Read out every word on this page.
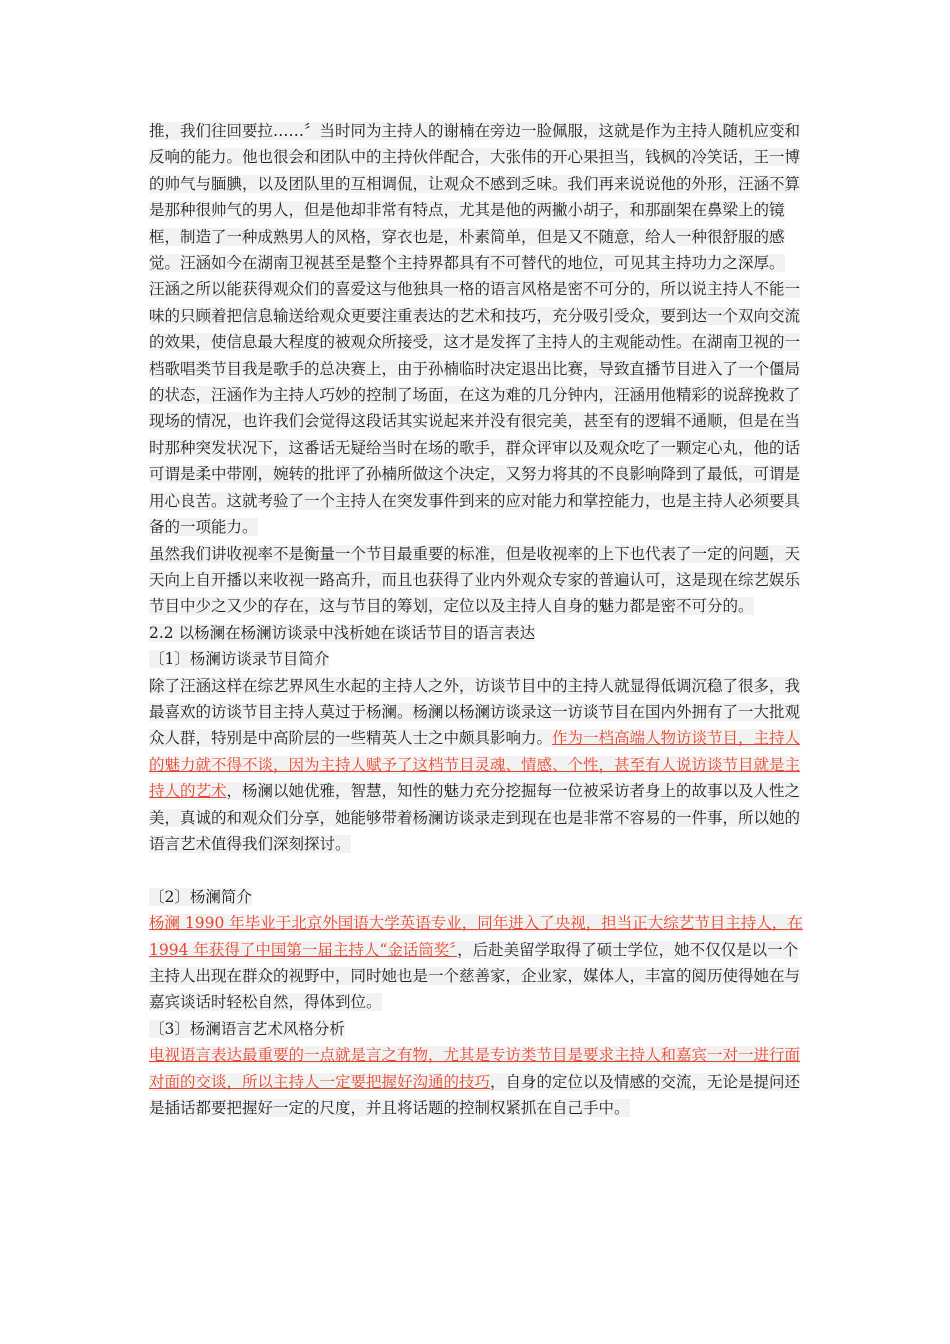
推，我们往回要拉……〞当时同为主持人的谢楠在旁边一脸佩服，这就是作为主持人随机应变和反响的能力。他也很会和团队中的主持伙伴配合，大张伟的开心果担当，钱枫的冷笑话，王一博的帅气与腼腆，以及团队里的互相调侃，让观众不感到乏味。我们再来说说他的外形，汪涵不算是那种很帅气的男人，但是他却非常有特点，尤其是他的两撇小胡子，和那副架在鼻梁上的镜框，制造了一种成熟男人的风格，穿衣也是，朴素简单，但是又不随意，给人一种很舒服的感觉。汪涵如今在湖南卫视甚至是整个主持界都具有不可替代的地位，可见其主持功力之深厚。

汪涵之所以能获得观众们的喜爱这与他独具一格的语言风格是密不可分的，所以说主持人不能一味的只顾着把信息输送给观众更要注重表达的艺术和技巧，充分吸引受众，要到达一个双向交流的效果，使信息最大程度的被观众所接受，这才是发挥了主持人的主观能动性。在湖南卫视的一档歌唱类节目我是歌手的总决赛上，由于孙楠临时决定退出比赛，导致直播节目进入了一个僵局的状态，汪涵作为主持人巧妙的控制了场面，在这为难的几分钟内，汪涵用他精彩的说辞挽救了现场的情况，也许我们会觉得这段话其实说起来并没有很完美，甚至有的逻辑不通顺，但是在当时那种突发状况下，这番话无疑给当时在场的歌手，群众评审以及观众吃了一颗定心丸，他的话可谓是柔中带刚，婉转的批评了孙楠所做这个决定，又努力将其的不良影响降到了最低，可谓是用心良苦。这就考验了一个主持人在突发事件到来的应对能力和掌控能力，也是主持人必须要具备的一项能力。

虽然我们讲收视率不是衡量一个节目最重要的标准，但是收视率的上下也代表了一定的问题，天天向上自开播以来收视一路高升，而且也获得了业内外观众专家的普遍认可，这是现在综艺娱乐节目中少之又少的存在，这与节目的筹划，定位以及主持人自身的魅力都是密不可分的。

2.2 以杨澜在杨澜访谈录中浅析她在谈话节目的语言表达

〔1〕杨澜访谈录节目简介

除了汪涵这样在综艺界风生水起的主持人之外，访谈节目中的主持人就显得低调沉稳了很多，我最喜欢的访谈节目主持人莫过于杨澜。杨澜以杨澜访谈录这一访谈节目在国内外拥有了一大批观众人群，特别是中高阶层的一些精英人士之中颇具影响力。作为一档高端人物访谈节目，主持人的魅力就不得不谈，因为主持人赋予了这档节目灵魂、情感、个性，甚至有人说访谈节目就是主持人的艺术，杨澜以她优雅，智慧，知性的魅力充分挖掘每一位被采访者身上的故事以及人性之美，真诚的和观众们分享，她能够带着杨澜访谈录走到现在也是非常不容易的一件事，所以她的语言艺术值得我们深刻探讨。

〔2〕杨澜简介

杨澜 1990 年毕业于北京外国语大学英语专业，同年进入了央视，担当正大综艺节目主持人，在 1994 年获得了中国第一届主持人“金话筒奖〞，后赴美留学取得了硕士学位，她不仅仅是以一个主持人出现在群众的视野中，同时她也是一个慈善家，企业家，媒体人，丰富的阅历使得她在与嘉宾谈话时轻松自然，得体到位。

〔3〕杨澜语言艺术风格分析

电视语言表达最重要的一点就是言之有物，尤其是专访类节目是要求主持人和嘉宾一对一进行面对面的交谈，所以主持人一定要把握好沟通的技巧，自身的定位以及情感的交流，无论是提问还是插话都要把握好一定的尺度，并且将话题的控制权紧抓在自己手中。
